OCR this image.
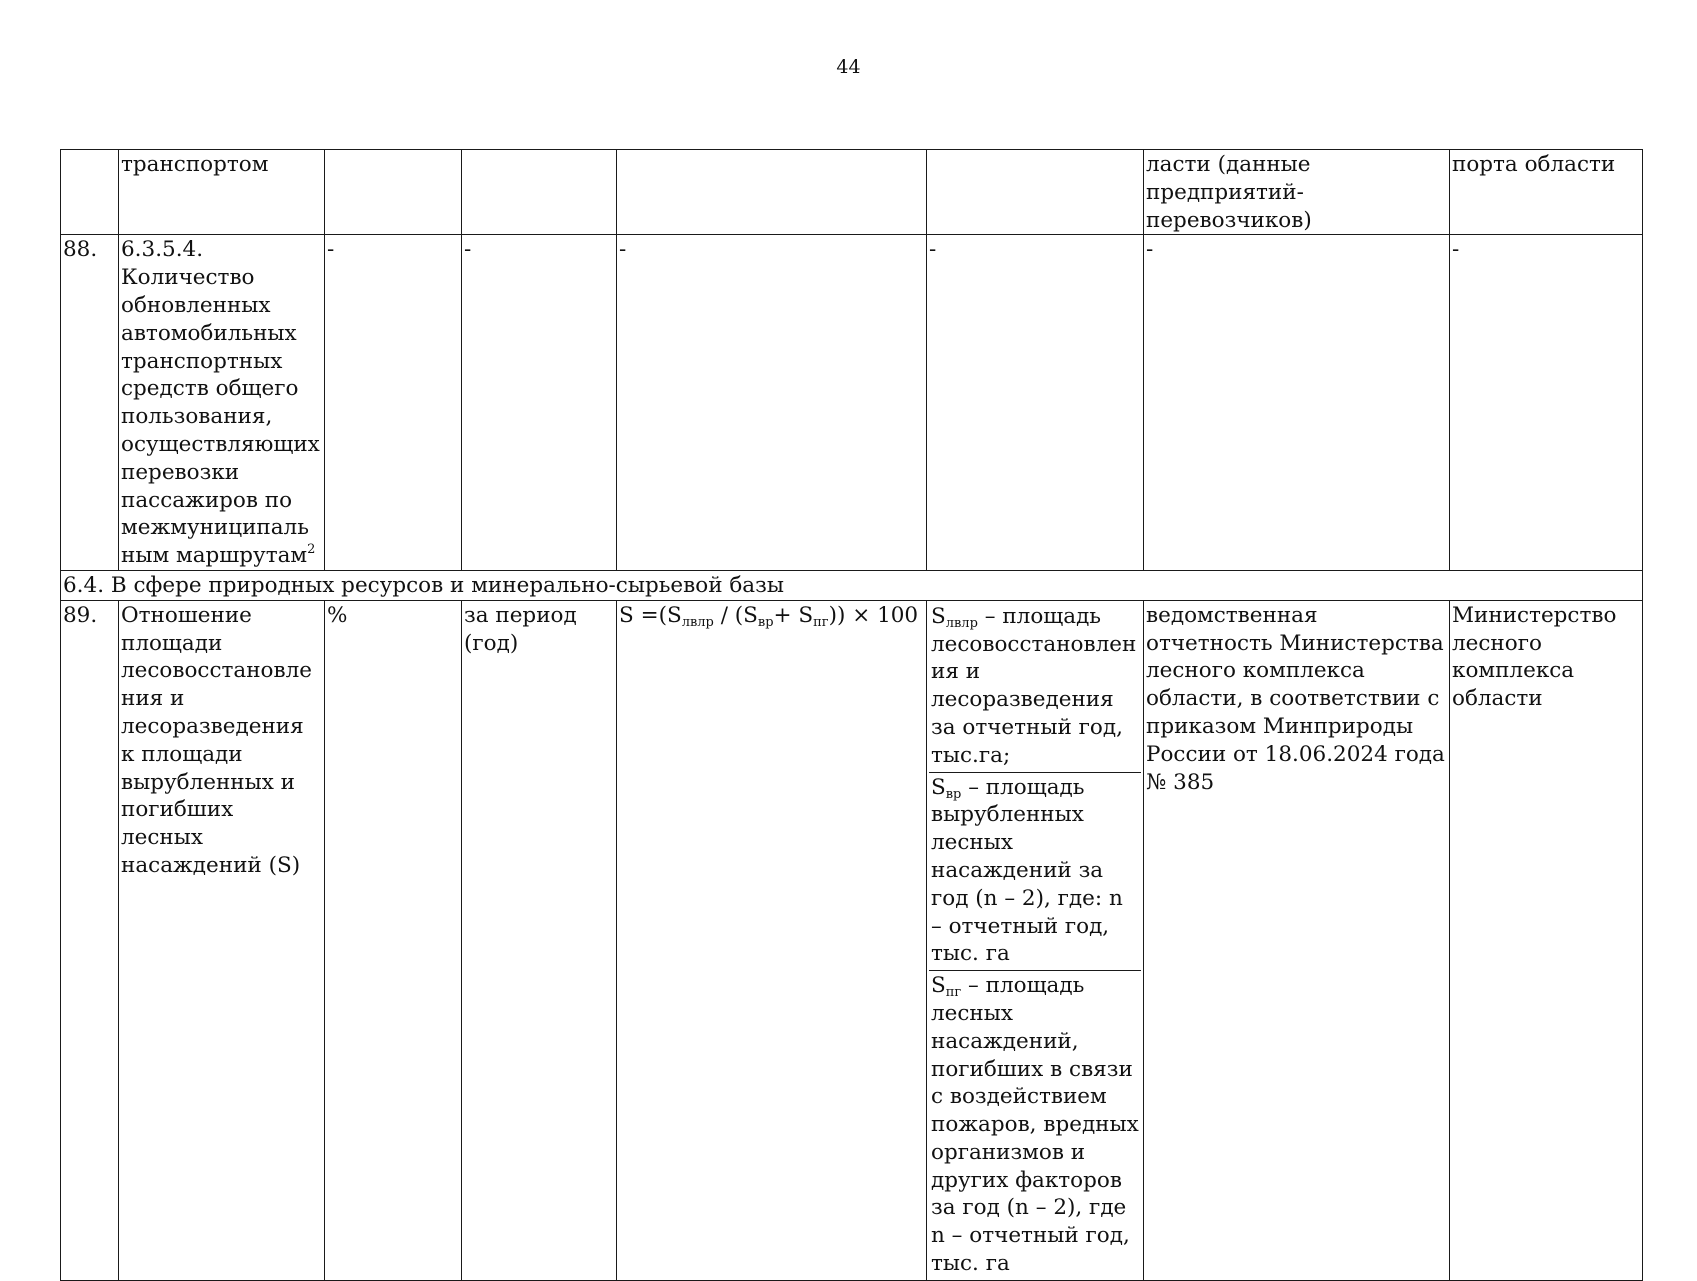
44
	транспортом					ласти (данные предприятий-перевозчиков)	порта области
88.	6.3.5.4. Количество обновленных автомобильных транспортных средств общего пользования, осуществляющих перевозки пассажиров по межмуниципальным маршрутам$^2$	-	-	-	-	-	-
6.4. В сфере природных ресурсов и минерально-сырьевой базы							
89.	Отношение площади лесовосстановления и лесоразведения к площади вырубленных и погибших лесных насаждений (S)	%	за период (год)	$S =(S_{лвлр} / (S_{вр}+ S_{пг})) \times 100$	$S_{лвлр}$ – площадь лесовосстановления и лесоразведения за отчетный год, тыс.га;
$S_{вр}$ – площадь вырубленных лесных насаждений за год (n – 2), где: n – отчетный год, тыс. га
$S_{пг}$ – площадь лесных насаждений, погибших в связи с воздействием пожаров, вредных организмов и других факторов за год (n – 2), где n – отчетный год, тыс. га	ведомственная отчетность Министерства лесного комплекса области, в соответствии с приказом Минприроды России от 18.06.2024 года № 385	Министерство лесного комплекса области
